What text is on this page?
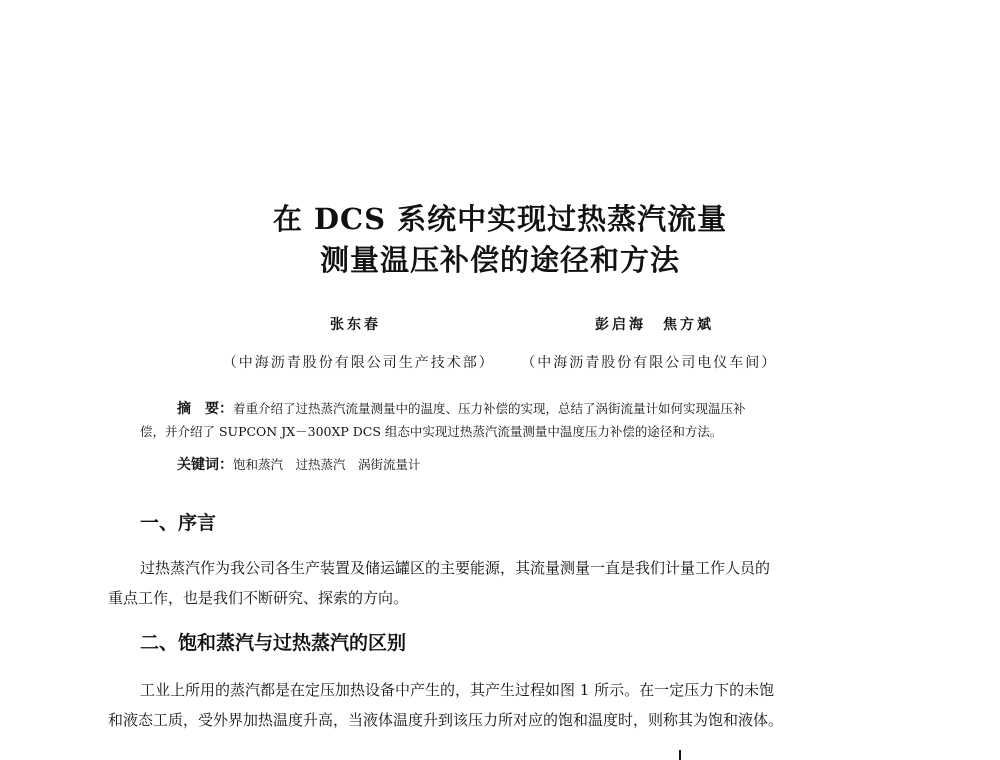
在 DCS 系统中实现过热蒸汽流量
测量温压补偿的途径和方法
张东春	彭启海　焦方斌
（中海沥青股份有限公司生产技术部） （中海沥青股份有限公司电仪车间）
摘　要：着重介绍了过热蒸汽流量测量中的温度、压力补偿的实现，总结了涡街流量计如何实现温压补
偿，并介绍了 SUPCON JX－300XP DCS 组态中实现过热蒸汽流量测量中温度压力补偿的途径和方法。
关键词：饱和蒸汽　过热蒸汽　涡街流量计
一、序言
过热蒸汽作为我公司各生产装置及储运罐区的主要能源，其流量测量一直是我们计量工作人员的
重点工作，也是我们不断研究、探索的方向。
二、饱和蒸汽与过热蒸汽的区别
工业上所用的蒸汽都是在定压加热设备中产生的，其产生过程如图 1 所示。在一定压力下的未饱
和液态工质，受外界加热温度升高，当液体温度升到该压力所对应的饱和温度时，则称其为饱和液体。
